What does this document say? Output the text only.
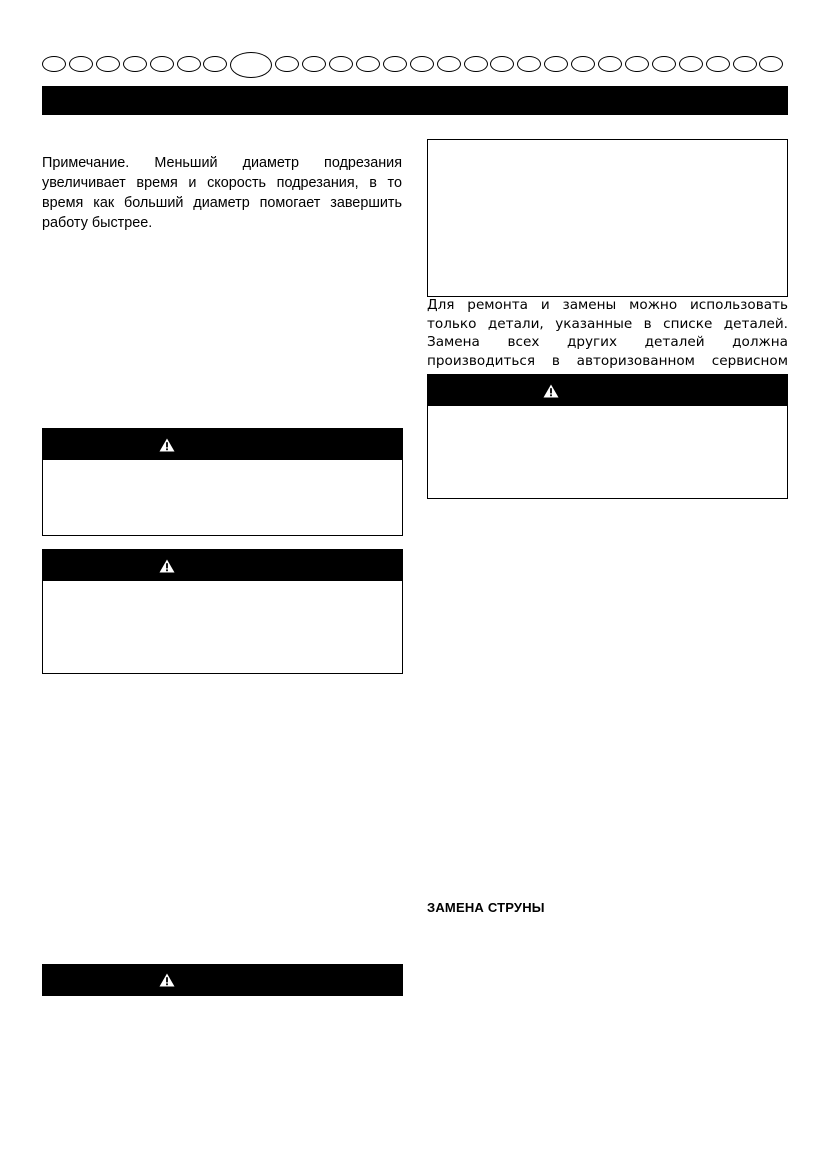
Примечание. Меньший диаметр подрезания увеличивает время и скорость подрезания, в то время как больший диаметр помогает завершить работу быстрее.

Для ремонта и замены можно использовать только детали, указанные в списке деталей. Замена всех других деталей должна производиться в авторизованном сервисном

ЗАМЕНА СТРУНЫ
